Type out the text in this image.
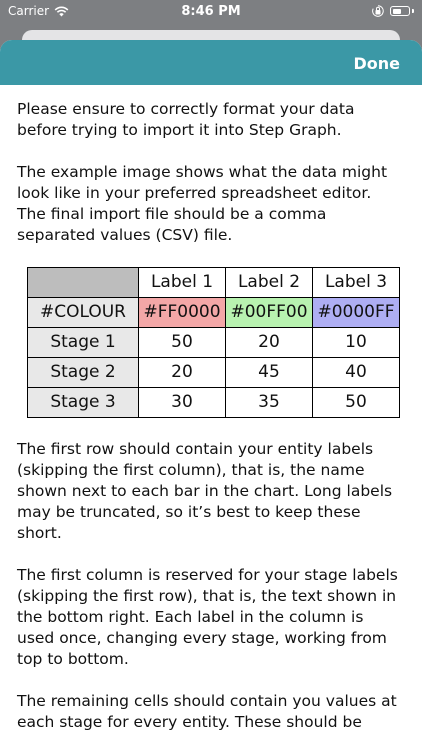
Carrier	8:46 PM
Done

Please ensure to correctly format your data before trying to import it into Step Graph.

The example image shows what the data might look like in your preferred spreadsheet editor. The final import file should be a comma separated values (CSV) file.

	Label 1	Label 2	Label 3
#COLOUR	#FF0000	#00FF00	#0000FF
Stage 1	50	20	10
Stage 2	20	45	40
Stage 3	30	35	50

The first row should contain your entity labels (skipping the first column), that is, the name shown next to each bar in the chart. Long labels may be truncated, so it’s best to keep these short.

The first column is reserved for your stage labels (skipping the first row), that is, the text shown in the bottom right. Each label in the column is used once, changing every stage, working from top to bottom.

The remaining cells should contain you values at each stage for every entity. These should be
